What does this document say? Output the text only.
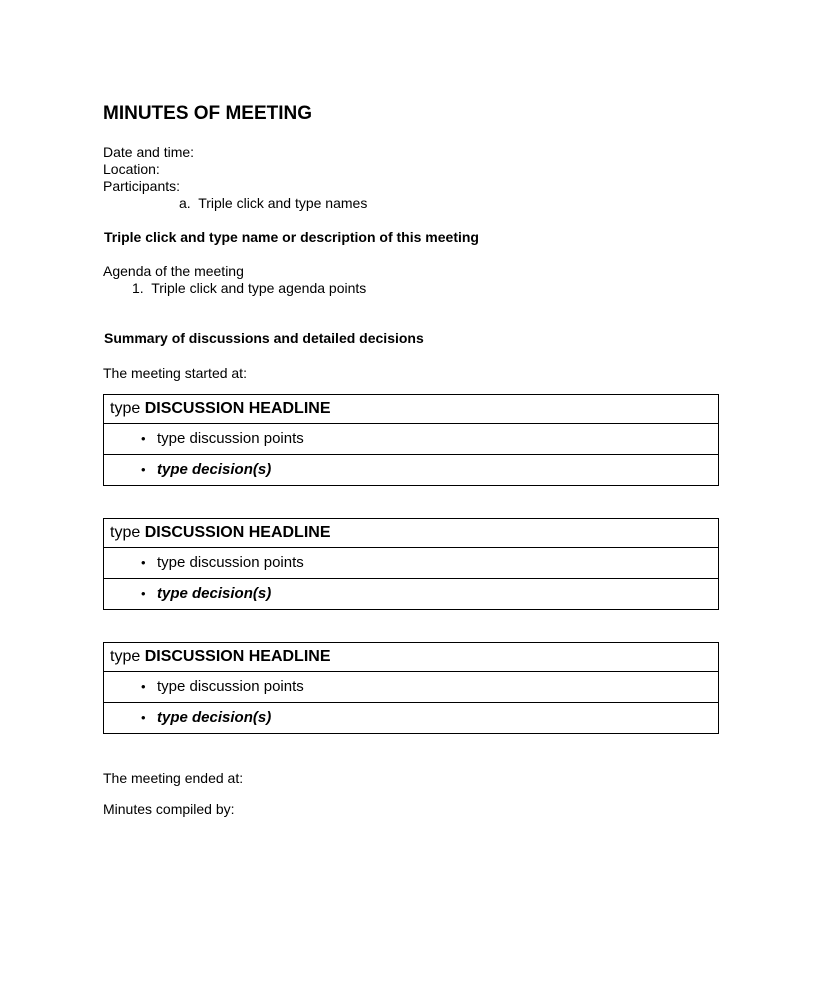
MINUTES OF MEETING
Date and time:
Location:
Participants:
a. Triple click and type names
Triple click and type name or description of this meeting
Agenda of the meeting
1. Triple click and type agenda points
Summary of discussions and detailed decisions
The meeting started at:
type DISCUSSION HEADLINE
• type discussion points
• type decision(s)
type DISCUSSION HEADLINE
• type discussion points
• type decision(s)
type DISCUSSION HEADLINE
• type discussion points
• type decision(s)
The meeting ended at:
Minutes compiled by:
